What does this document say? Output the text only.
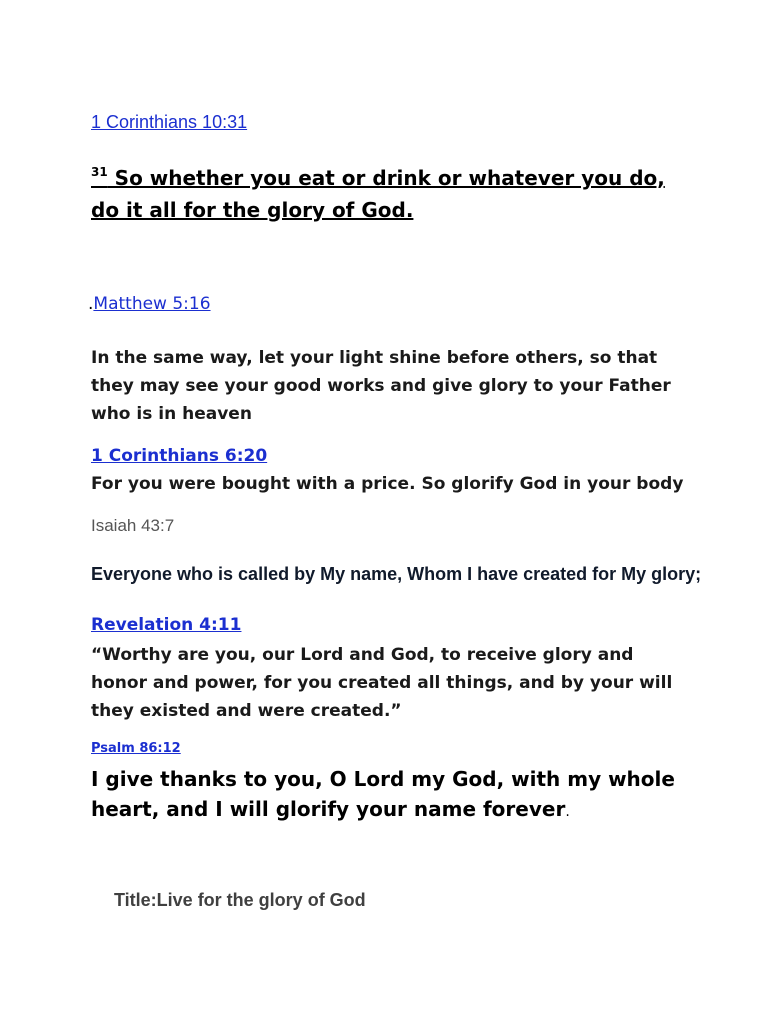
1 Corinthians 10:31
$^{31}$ So whether you eat or drink or whatever you do, do it all for the glory of God.
.Matthew 5:16
In the same way, let your light shine before others, so that they may see your good works and give glory to your Father who is in heaven
1 Corinthians 6:20
For you were bought with a price. So glorify God in your body
Isaiah 43:7
Everyone who is called by My name, Whom I have created for My glory;
Revelation 4:11
“Worthy are you, our Lord and God, to receive glory and honor and power, for you created all things, and by your will they existed and were created.”
Psalm 86:12
I give thanks to you, O Lord my God, with my whole heart, and I will glorify your name forever.
Title:Live for the glory of God
